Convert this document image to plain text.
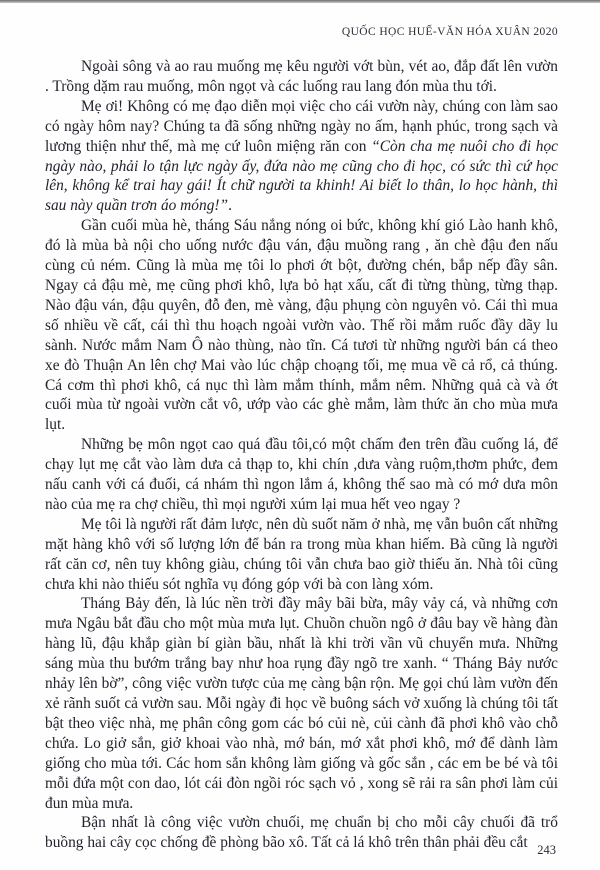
QUỐC HỌC HUẾ-VĂN HÓA XUÂN 2020

Ngoài sông và ao rau muống mẹ kêu người vớt bùn, vét ao, đắp đất lên vườn . Trồng dặm rau muống, môn ngọt và các luống rau lang đón mùa thu tới.

Mẹ ơi! Không có mẹ đạo diễn mọi việc cho cái vườn này, chúng con làm sao có ngày hôm nay? Chúng ta đã sống những ngày no ấm, hạnh phúc, trong sạch và lương thiện như thế, mà mẹ cứ luôn miệng răn con “Còn cha mẹ nuôi cho đi học ngày nào, phải lo tận lực ngày ấy, đứa nào mẹ cũng cho đi học, có sức thì cứ học lên, không kể trai hay gái! Ít chữ người ta khinh! Ai biết lo thân, lo học hành, thì sau này quần trơn áo móng!”.

Gần cuối mùa hè, tháng Sáu nắng nóng oi bức, không khí gió Lào hanh khô, đó là mùa bà nội cho uống nước đậu ván, đậu muồng rang , ăn chè đậu đen nấu cùng củ ném. Cũng là mùa mẹ tôi lo phơi ớt bột, đường chén, bắp nếp đầy sân. Ngay cả đậu mè, mẹ cũng phơi khô, lựa bỏ hạt xấu, cất đi từng thùng, từng thạp. Nào đậu ván, đậu quyên, đỗ đen, mè vàng, đậu phụng còn nguyên vỏ. Cái thì mua số nhiều về cất, cái thì thu hoạch ngoài vườn vào. Thế rồi mắm ruốc đầy dãy lu sành. Nước mắm Nam Ô nào thùng, nào tĩn. Cá tươi từ những người bán cá theo xe đò Thuận An lên chợ Mai vào lúc chập choạng tối, mẹ mua về cả rổ, cả thúng. Cá cơm thì phơi khô, cá nục thì làm mắm thính, mắm nêm. Những quả cà và ớt cuối mùa từ ngoài vườn cắt vô, ướp vào các ghè mắm, làm thức ăn cho mùa mưa lụt.

Những bẹ môn ngọt cao quá đầu tôi,có một chấm đen trên đầu cuống lá, để chạy lụt mẹ cắt vào làm dưa cả thạp to, khi chín ,dưa vàng ruộm,thơm phức, đem nấu canh với cá đuối, cá nhám thì ngon lắm á, không thế sao mà có mớ dưa môn nào của mẹ ra chợ chiều, thì mọi người xúm lại mua hết veo ngay ?

Mẹ tôi là người rất đảm lược, nên dù suốt năm ở nhà, mẹ vẫn buôn cất những mặt hàng khô với số lượng lớn để bán ra trong mùa khan hiếm. Bà cũng là người rất căn cơ, nên tuy không giàu, chúng tôi vẫn chưa bao giờ thiếu ăn. Nhà tôi cũng chưa khi nào thiếu sót nghĩa vụ đóng góp với bà con làng xóm.

Tháng Bảy đến, là lúc nền trời đầy mây bãi bừa, mây vảy cá, và những cơn mưa Ngâu bắt đầu cho một mùa mưa lụt. Chuồn chuồn ngô ở đâu bay về hàng đàn hàng lũ, đậu khắp giàn bí giàn bầu, nhất là khi trời vần vũ chuyển mưa. Những sáng mùa thu bướm trắng bay như hoa rụng đầy ngõ tre xanh. “ Tháng Bảy nước nhảy lên bờ”, công việc vườn tược của mẹ càng bận rộn. Mẹ gọi chú làm vườn đến xẻ rãnh suốt cả vườn sau. Mỗi ngày đi học về buông sách vở xuống là chúng tôi tất bật theo việc nhà, mẹ phân công gom các bó củi nè, củi cành đã phơi khô vào chỗ chứa. Lo giở sắn, giở khoai vào nhà, mớ bán, mớ xắt phơi khô, mớ để dành làm giống cho mùa tới. Các hom sắn không làm giống và gốc sắn , các em be bé và tôi mỗi đứa một con dao, lót cái đòn ngồi róc sạch vỏ , xong sẽ rải ra sân phơi làm củi đun mùa mưa.

Bận nhất là công việc vườn chuối, mẹ chuẩn bị cho mỗi cây chuối đã trổ buồng hai cây cọc chống đề phòng bão xô. Tất cả lá khô trên thân phải đều cắt 243
